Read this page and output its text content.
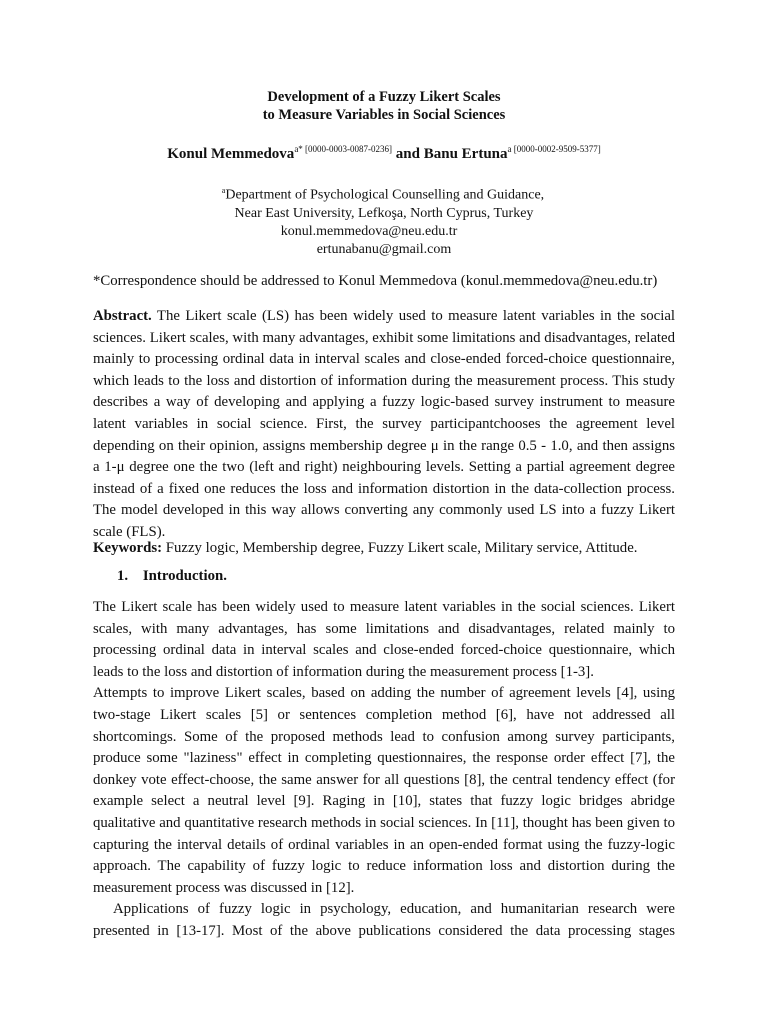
Development of a Fuzzy Likert Scales
to Measure Variables in Social Sciences
Konul Memmedova$^{a* [0000-0003-0087-0236]}$ and Banu Ertuna$^{a [0000-0002-9509-5377]}$
$^a$Department of Psychological Counselling and Guidance,
Near East University, Lefkoşa, North Cyprus, Turkey
konul.memmedova@neu.edu.tr
ertunabanu@gmail.com
*Correspondence should be addressed to Konul Memmedova (konul.memmedova@neu.edu.tr)

Abstract. The Likert scale (LS) has been widely used to measure latent variables in the social sciences. Likert scales, with many advantages, exhibit some limitations and disadvantages, related mainly to processing ordinal data in interval scales and close-ended forced-choice questionnaire, which leads to the loss and distortion of information during the measurement process. This study describes a way of developing and applying a fuzzy logic-based survey instrument to measure latent variables in social science. First, the survey participantchooses the agreement level depending on their opinion, assigns membership degree μ in the range 0.5 - 1.0, and then assigns a 1-μ degree one the two (left and right) neighbouring levels. Setting a partial agreement degree instead of a fixed one reduces the loss and information distortion in the data-collection process. The model developed in this way allows converting any commonly used LS into a fuzzy Likert scale (FLS).

Keywords: Fuzzy logic, Membership degree, Fuzzy Likert scale, Military service, Attitude.
1. Introduction.

The Likert scale has been widely used to measure latent variables in the social sciences. Likert scales, with many advantages, has some limitations and disadvantages, related mainly to processing ordinal data in interval scales and close-ended forced-choice questionnaire, which leads to the loss and distortion of information during the measurement process [1-3].

Attempts to improve Likert scales, based on adding the number of agreement levels [4], using two-stage Likert scales [5] or sentences completion method [6], have not addressed all shortcomings. Some of the proposed methods lead to confusion among survey participants, produce some "laziness" effect in completing questionnaires, the response order effect [7], the donkey vote effect-choose, the same answer for all questions [8], the central tendency effect (for example select a neutral level [9]. Raging in [10], states that fuzzy logic bridges abridge qualitative and quantitative research methods in social sciences. In [11], thought has been given to capturing the interval details of ordinal variables in an open-ended format using the fuzzy-logic approach. The capability of fuzzy logic to reduce information loss and distortion during the measurement process was discussed in [12].

Applications of fuzzy logic in psychology, education, and humanitarian research were presented in [13-17]. Most of the above publications considered the data processing stages
